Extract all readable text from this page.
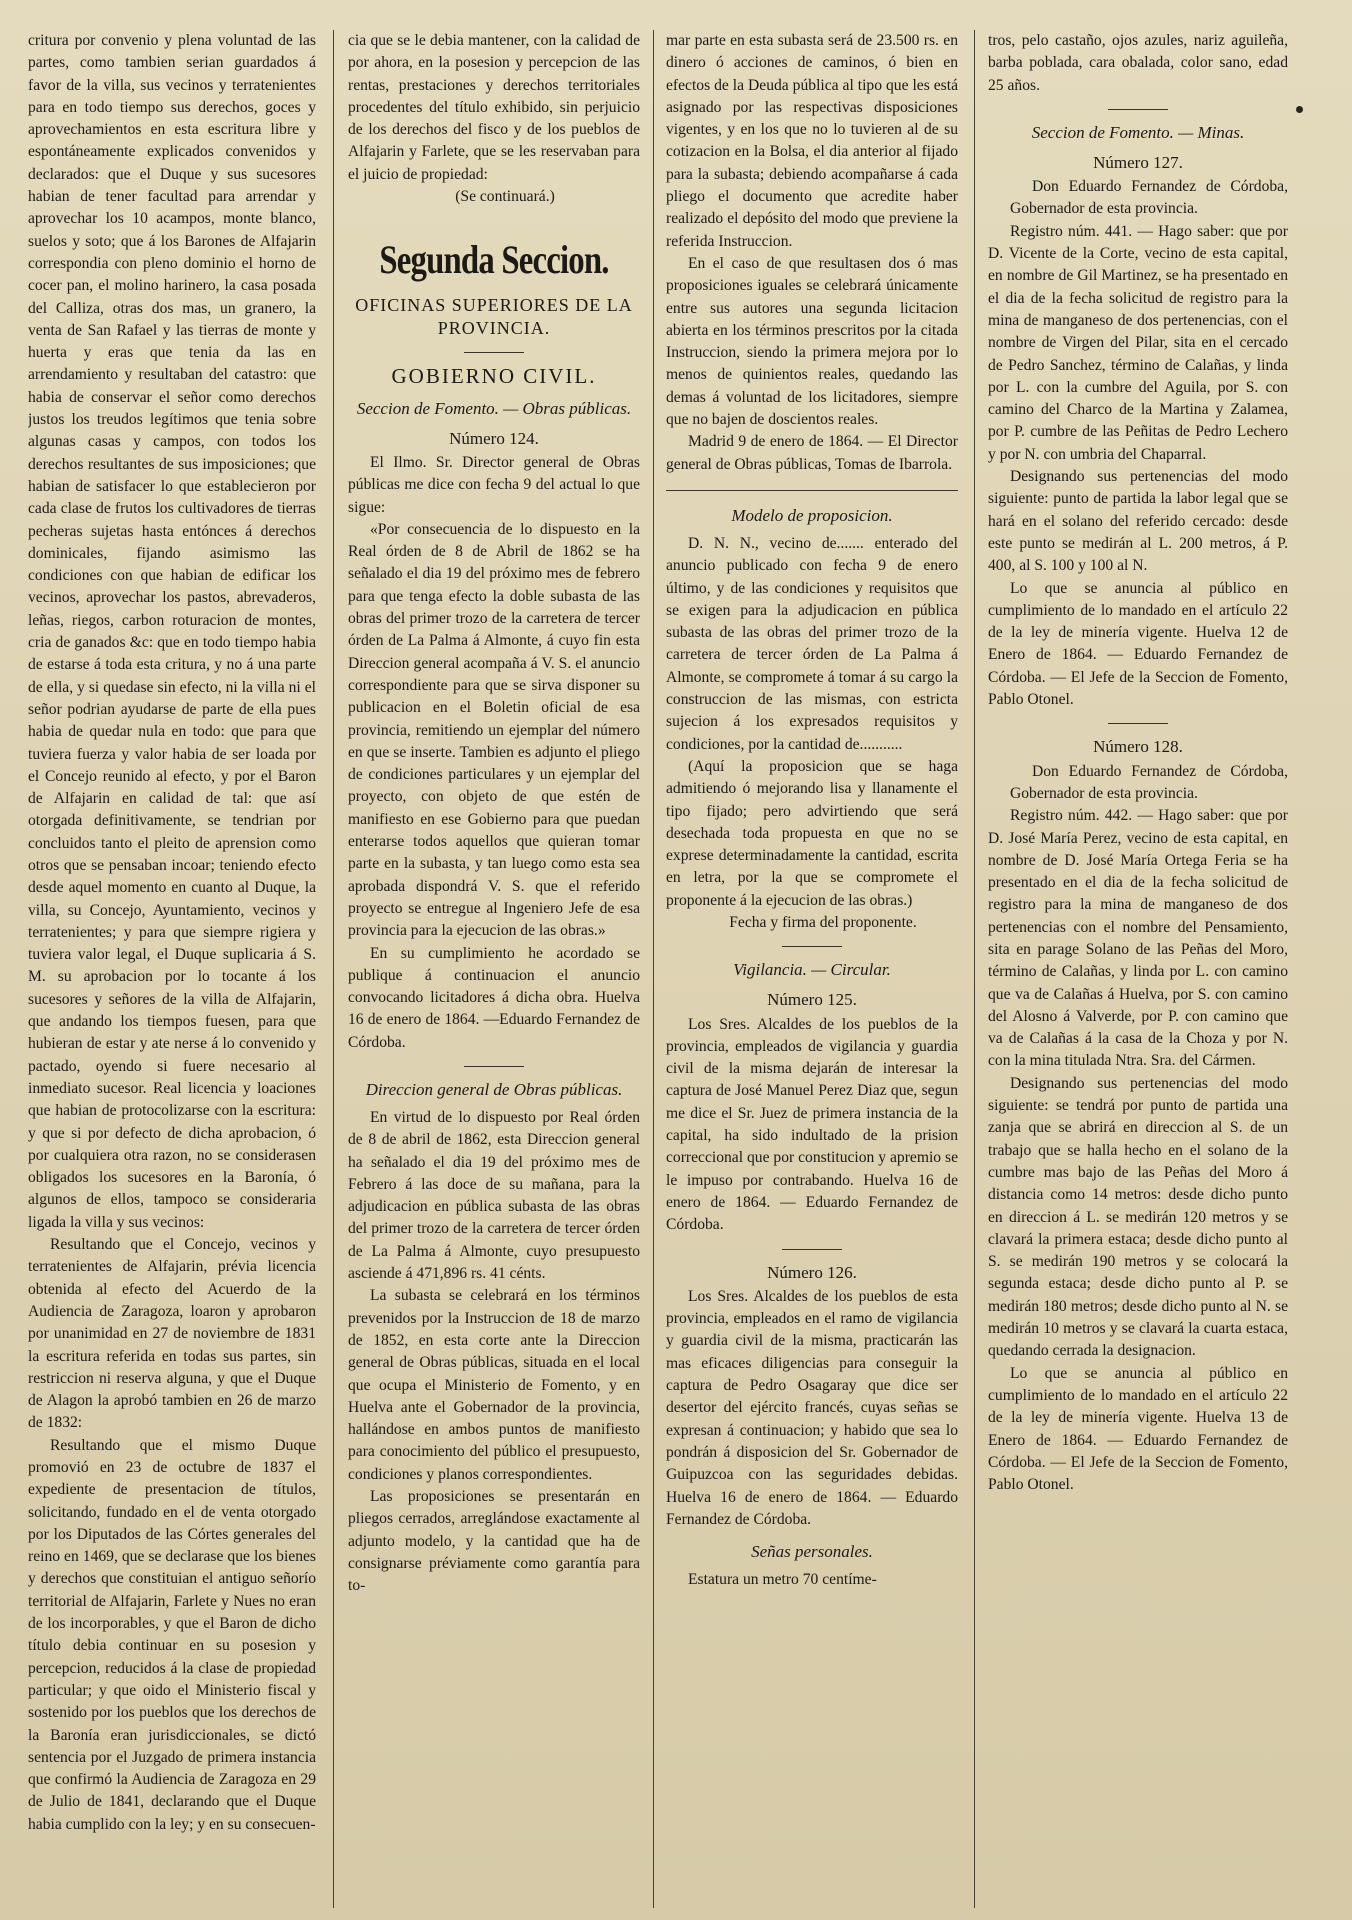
critura por convenio y plena voluntad de las partes, como tambien serian guardados á favor de la villa, sus vecinos y terratenientes para en todo tiempo sus derechos, goces y aprovechamientos en esta escritura libre y espontáneamente explicados convenidos y declarados: que el Duque y sus sucesores habian de tener facultad para arrendar y aprovechar los 10 acampos, monte blanco, suelos y soto; que á los Barones de Alfajarin correspondia con pleno dominio el horno de cocer pan, el molino harinero, la casa posada del Calliza, otras dos mas, un granero, la venta de San Rafael y las tierras de monte y huerta y eras que tenia da las en arrendamiento y resultaban del catastro: que habia de conservar el señor como derechos justos los treudos legítimos que tenia sobre algunas casas y campos, con todos los derechos resultantes de sus imposiciones; que habian de satisfacer lo que establecieron por cada clase de frutos los cultivadores de tierras pecheras sujetas hasta entónces á derechos dominicales, fijando asimismo las condiciones con que habian de edificar los vecinos, aprovechar los pastos, abrevaderos, leñas, riegos, carbon roturacion de montes, cria de ganados &c: que en todo tiempo habia de estarse á toda esta critura, y no á una parte de ella, y si quedase sin efecto, ni la villa ni el señor podrian ayudarse de parte de ella pues habia de quedar nula en todo: que para que tuviera fuerza y valor habia de ser loada por el Concejo reunido al efecto, y por el Baron de Alfajarin en calidad de tal: que así otorgada definitivamente, se tendrian por concluidos tanto el pleito de aprension como otros que se pensaban incoar; teniendo efecto desde aquel momento en cuanto al Duque, la villa, su Concejo, Ayuntamiento, vecinos y terratenientes; y para que siempre rigiera y tuviera valor legal, el Duque suplicaria á S. M. su aprobacion por lo tocante á los sucesores y señores de la villa de Alfajarin, que andando los tiempos fuesen, para que hubieran de estar y ate nerse á lo convenido y pactado, oyendo si fuere necesario al inmediato sucesor. Real licencia y loaciones que habian de protocolizarse con la escritura: y que si por defecto de dicha aprobacion, ó por cualquiera otra razon, no se considerasen obligados los sucesores en la Baronía, ó algunos de ellos, tampoco se consideraria ligada la villa y sus vecinos:

Resultando que el Concejo, vecinos y terratenientes de Alfajarin, prévia licencia obtenida al efecto del Acuerdo de la Audiencia de Zaragoza, loaron y aprobaron por unanimidad en 27 de noviembre de 1831 la escritura referida en todas sus partes, sin restriccion ni reserva alguna, y que el Duque de Alagon la aprobó tambien en 26 de marzo de 1832:

Resultando que el mismo Duque promovió en 23 de octubre de 1837 el expediente de presentacion de títulos, solicitando, fundado en el de venta otorgado por los Diputados de las Córtes generales del reino en 1469, que se declarase que los bienes y derechos que constituian el antiguo señorío territorial de Alfajarin, Farlete y Nues no eran de los incorporables, y que el Baron de dicho título debia continuar en su posesion y percepcion, reducidos á la clase de propiedad particular; y que oido el Ministerio fiscal y sostenido por los pueblos que los derechos de la Baronía eran jurisdiccionales, se dictó sentencia por el Juzgado de primera instancia que confirmó la Audiencia de Zaragoza en 29 de Julio de 1841, declarando que el Duque habia cumplido con la ley; y en su consecuen-

cia que se le debia mantener, con la calidad de por ahora, en la posesion y percepcion de las rentas, prestaciones y derechos territoriales procedentes del título exhibido, sin perjuicio de los derechos del fisco y de los pueblos de Alfajarin y Farlete, que se les reservaban para el juicio de propiedad:

(Se continuará.)

Segunda Seccion.
OFICINAS SUPERIORES DE LA PROVINCIA.
GOBIERNO CIVIL.
Seccion de Fomento. — Obras públicas.
Número 124.

El Ilmo. Sr. Director general de Obras públicas me dice con fecha 9 del actual lo que sigue:

«Por consecuencia de lo dispuesto en la Real órden de 8 de Abril de 1862 se ha señalado el dia 19 del próximo mes de febrero para que tenga efecto la doble subasta de las obras del primer trozo de la carretera de tercer órden de La Palma á Almonte, á cuyo fin esta Direccion general acompaña á V. S. el anuncio correspondiente para que se sirva disponer su publicacion en el Boletin oficial de esa provincia, remitiendo un ejemplar del número en que se inserte. Tambien es adjunto el pliego de condiciones particulares y un ejemplar del proyecto, con objeto de que estén de manifiesto en ese Gobierno para que puedan enterarse todos aquellos que quieran tomar parte en la subasta, y tan luego como esta sea aprobada dispondrá V. S. que el referido proyecto se entregue al Ingeniero Jefe de esa provincia para la ejecucion de las obras.»

En su cumplimiento he acordado se publique á continuacion el anuncio convocando licitadores á dicha obra. Huelva 16 de enero de 1864. —Eduardo Fernandez de Córdoba.

Direccion general de Obras públicas.

En virtud de lo dispuesto por Real órden de 8 de abril de 1862, esta Direccion general ha señalado el dia 19 del próximo mes de Febrero á las doce de su mañana, para la adjudicacion en pública subasta de las obras del primer trozo de la carretera de tercer órden de La Palma á Almonte, cuyo presupuesto asciende á 471,896 rs. 41 cénts.

La subasta se celebrará en los términos prevenidos por la Instruccion de 18 de marzo de 1852, en esta corte ante la Direccion general de Obras públicas, situada en el local que ocupa el Ministerio de Fomento, y en Huelva ante el Gobernador de la provincia, hallándose en ambos puntos de manifiesto para conocimiento del público el presupuesto, condiciones y planos correspondientes.

Las proposiciones se presentarán en pliegos cerrados, arreglándose exactamente al adjunto modelo, y la cantidad que ha de consignarse préviamente como garantía para to-

mar parte en esta subasta será de 23.500 rs. en dinero ó acciones de caminos, ó bien en efectos de la Deuda pública al tipo que les está asignado por las respectivas disposiciones vigentes, y en los que no lo tuvieren al de su cotizacion en la Bolsa, el dia anterior al fijado para la subasta; debiendo acompañarse á cada pliego el documento que acredite haber realizado el depósito del modo que previene la referida Instruccion.

En el caso de que resultasen dos ó mas proposiciones iguales se celebrará únicamente entre sus autores una segunda licitacion abierta en los términos prescritos por la citada Instruccion, siendo la primera mejora por lo menos de quinientos reales, quedando las demas á voluntad de los licitadores, siempre que no bajen de doscientos reales.

Madrid 9 de enero de 1864. — El Director general de Obras públicas, Tomas de Ibarrola.

Modelo de proposicion.

D. N. N., vecino de....... enterado del anuncio publicado con fecha 9 de enero último, y de las condiciones y requisitos que se exigen para la adjudicacion en pública subasta de las obras del primer trozo de la carretera de tercer órden de La Palma á Almonte, se compromete á tomar á su cargo la construccion de las mismas, con estricta sujecion á los expresados requisitos y condiciones, por la cantidad de...........

(Aquí la proposicion que se haga admitiendo ó mejorando lisa y llanamente el tipo fijado; pero advirtiendo que será desechada toda propuesta en que no se exprese determinadamente la cantidad, escrita en letra, por la que se compromete el proponente á la ejecucion de las obras.)

Fecha y firma del proponente.

Vigilancia. — Circular.
Número 125.

Los Sres. Alcaldes de los pueblos de la provincia, empleados de vigilancia y guardia civil de la misma dejarán de interesar la captura de José Manuel Perez Diaz que, segun me dice el Sr. Juez de primera instancia de la capital, ha sido indultado de la prision correccional que por constitucion y apremio se le impuso por contrabando. Huelva 16 de enero de 1864. — Eduardo Fernandez de Córdoba.

Número 126.

Los Sres. Alcaldes de los pueblos de esta provincia, empleados en el ramo de vigilancia y guardia civil de la misma, practicarán las mas eficaces diligencias para conseguir la captura de Pedro Osagaray que dice ser desertor del ejército francés, cuyas señas se expresan á continuacion; y habido que sea lo pondrán á disposicion del Sr. Gobernador de Guipuzcoa con las seguridades debidas. Huelva 16 de enero de 1864. — Eduardo Fernandez de Córdoba.

Señas personales.

Estatura un metro 70 centíme-

tros, pelo castaño, ojos azules, nariz aguileña, barba poblada, cara obalada, color sano, edad 25 años.

Seccion de Fomento. — Minas.
Número 127.

Don Eduardo Fernandez de Córdoba, Gobernador de esta provincia.

Registro núm. 441. — Hago saber: que por D. Vicente de la Corte, vecino de esta capital, en nombre de Gil Martinez, se ha presentado en el dia de la fecha solicitud de registro para la mina de manganeso de dos pertenencias, con el nombre de Virgen del Pilar, sita en el cercado de Pedro Sanchez, término de Calañas, y linda por L. con la cumbre del Aguila, por S. con camino del Charco de la Martina y Zalamea, por P. cumbre de las Peñitas de Pedro Lechero y por N. con umbria del Chaparral.

Designando sus pertenencias del modo siguiente: punto de partida la labor legal que se hará en el solano del referido cercado: desde este punto se medirán al L. 200 metros, á P. 400, al S. 100 y 100 al N.

Lo que se anuncia al público en cumplimiento de lo mandado en el artículo 22 de la ley de minería vigente. Huelva 12 de Enero de 1864. — Eduardo Fernandez de Córdoba. — El Jefe de la Seccion de Fomento, Pablo Otonel.

Número 128.

Don Eduardo Fernandez de Córdoba, Gobernador de esta provincia.

Registro núm. 442. — Hago saber: que por D. José María Perez, vecino de esta capital, en nombre de D. José María Ortega Feria se ha presentado en el dia de la fecha solicitud de registro para la mina de manganeso de dos pertenencias con el nombre del Pensamiento, sita en parage Solano de las Peñas del Moro, término de Calañas, y linda por L. con camino que va de Calañas á Huelva, por S. con camino del Alosno á Valverde, por P. con camino que va de Calañas á la casa de la Choza y por N. con la mina titulada Ntra. Sra. del Cármen.

Designando sus pertenencias del modo siguiente: se tendrá por punto de partida una zanja que se abrirá en direccion al S. de un trabajo que se halla hecho en el solano de la cumbre mas bajo de las Peñas del Moro á distancia como 14 metros: desde dicho punto en direccion á L. se medirán 120 metros y se clavará la primera estaca; desde dicho punto al S. se medirán 190 metros y se colocará la segunda estaca; desde dicho punto al P. se medirán 180 metros; desde dicho punto al N. se medirán 10 metros y se clavará la cuarta estaca, quedando cerrada la designacion.

Lo que se anuncia al público en cumplimiento de lo mandado en el artículo 22 de la ley de minería vigente. Huelva 13 de Enero de 1864. — Eduardo Fernandez de Córdoba. — El Jefe de la Seccion de Fomento, Pablo Otonel.
